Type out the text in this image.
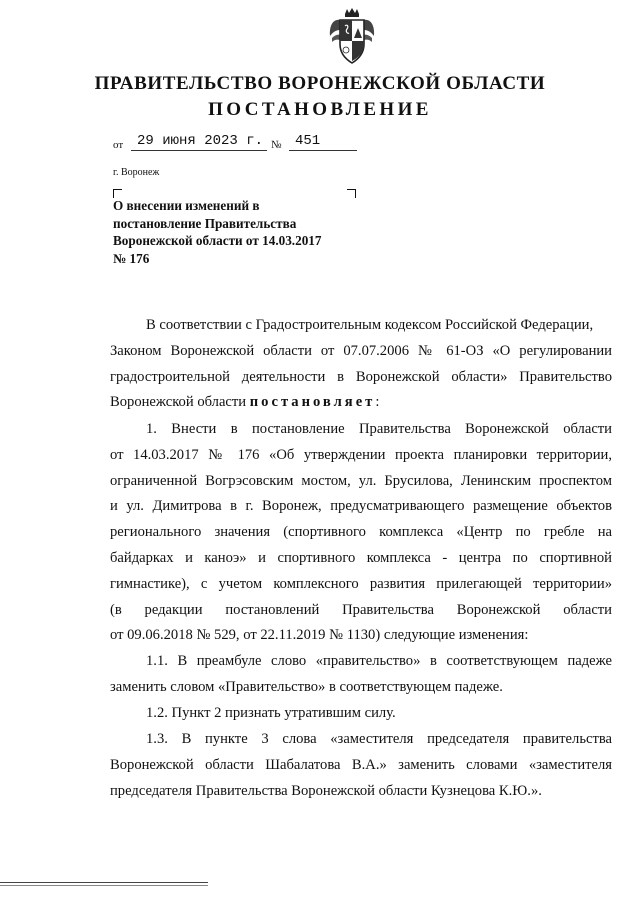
ПРАВИТЕЛЬСТВО ВОРОНЕЖСКОЙ ОБЛАСТИ
ПОСТАНОВЛЕНИЕ
от 29 июня 2023 г. № 451
г. Воронеж
О внесении изменений в
постановление Правительства
Воронежской области от 14.03.2017
№ 176
В соответствии с Градостроительным кодексом Российской Федерации,
Законом Воронежской области от 07.07.2006 № 61-ОЗ «О регулировании
градостроительной деятельности в Воронежской области» Правительство
Воронежской области постановляет:
1. Внести в постановление Правительства Воронежской области
от 14.03.2017 № 176 «Об утверждении проекта планировки территории,
ограниченной Вогрэсовским мостом, ул. Брусилова, Ленинским проспектом
и ул. Димитрова в г. Воронеж, предусматривающего размещение объектов
регионального значения (спортивного комплекса «Центр по гребле на
байдарках и каноэ» и спортивного комплекса - центра по спортивной
гимнастике), с учетом комплексного развития прилегающей территории»
(в редакции постановлений Правительства Воронежской области
от 09.06.2018 № 529, от 22.11.2019 № 1130) следующие изменения:
1.1. В преамбуле слово «правительство» в соответствующем падеже
заменить словом «Правительство» в соответствующем падеже.
1.2. Пункт 2 признать утратившим силу.
1.3. В пункте 3 слова «заместителя председателя правительства
Воронежской области Шабалатова В.А.» заменить словами «заместителя
председателя Правительства Воронежской области Кузнецова К.Ю.».
